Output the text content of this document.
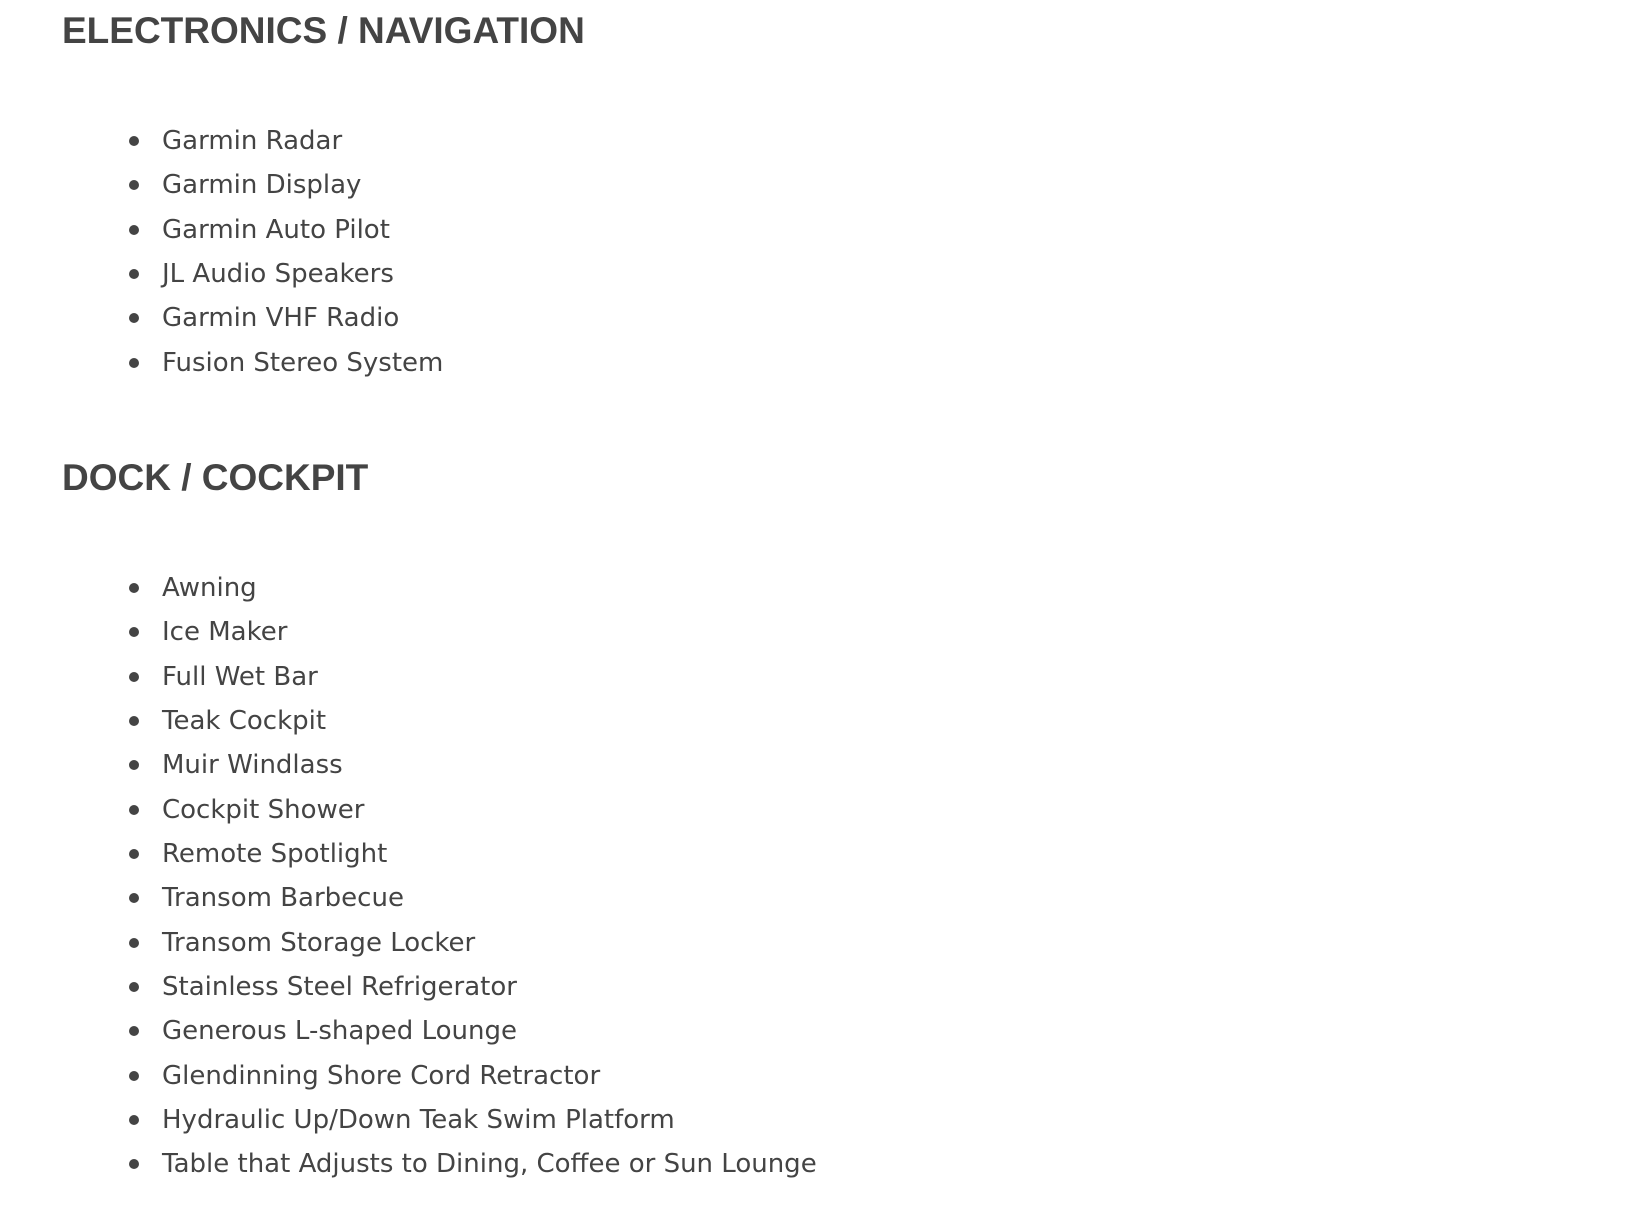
ELECTRONICS / NAVIGATION
Garmin Radar
Garmin Display
Garmin Auto Pilot
JL Audio Speakers
Garmin VHF Radio
Fusion Stereo System
DOCK / COCKPIT
Awning
Ice Maker
Full Wet Bar
Teak Cockpit
Muir Windlass
Cockpit Shower
Remote Spotlight
Transom Barbecue
Transom Storage Locker
Stainless Steel Refrigerator
Generous L-shaped Lounge
Glendinning Shore Cord Retractor
Hydraulic Up/Down Teak Swim Platform
Table that Adjusts to Dining, Coffee or Sun Lounge
